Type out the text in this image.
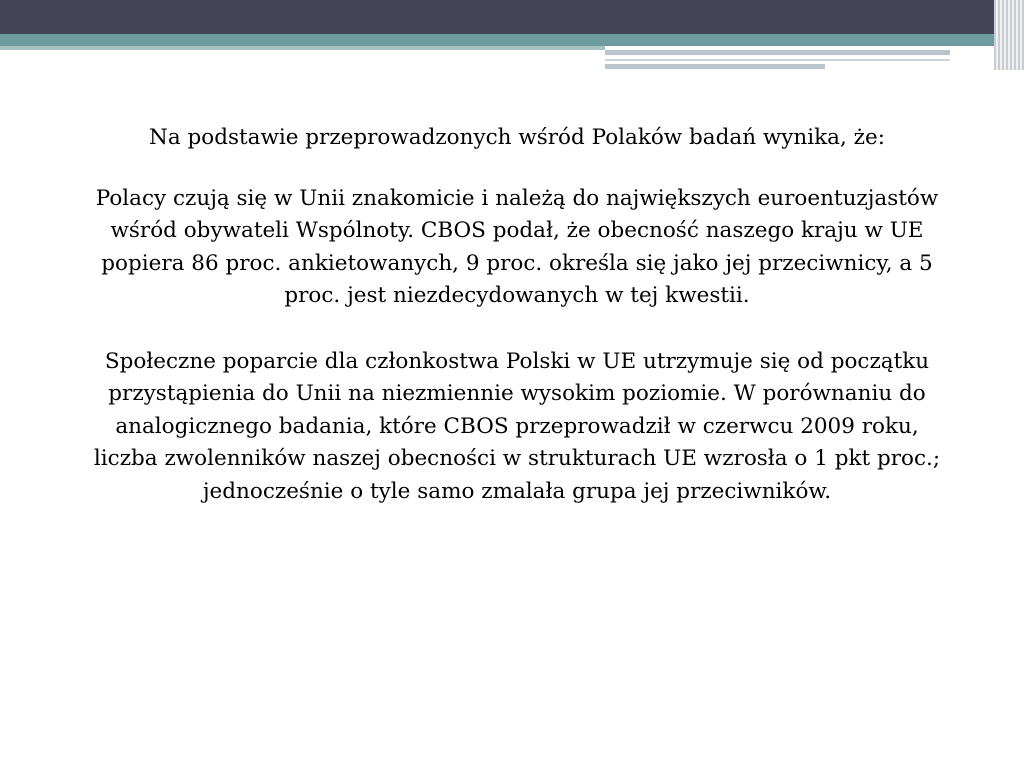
Na podstawie przeprowadzonych wśród Polaków badań wynika, że:

Polacy czują się w Unii znakomicie i należą do największych euroentuzjastów wśród obywateli Wspólnoty. CBOS podał, że obecność naszego kraju w UE popiera 86 proc. ankietowanych, 9 proc. określa się jako jej przeciwnicy, a 5 proc. jest niezdecydowanych w tej kwestii.

Społeczne poparcie dla członkostwa Polski w UE utrzymuje się od początku przystąpienia do Unii na niezmiennie wysokim poziomie. W porównaniu do analogicznego badania, które CBOS przeprowadził w czerwcu 2009 roku, liczba zwolenników naszej obecności w strukturach UE wzrosła o 1 pkt proc.; jednocześnie o tyle samo zmalała grupa jej przeciwników.
